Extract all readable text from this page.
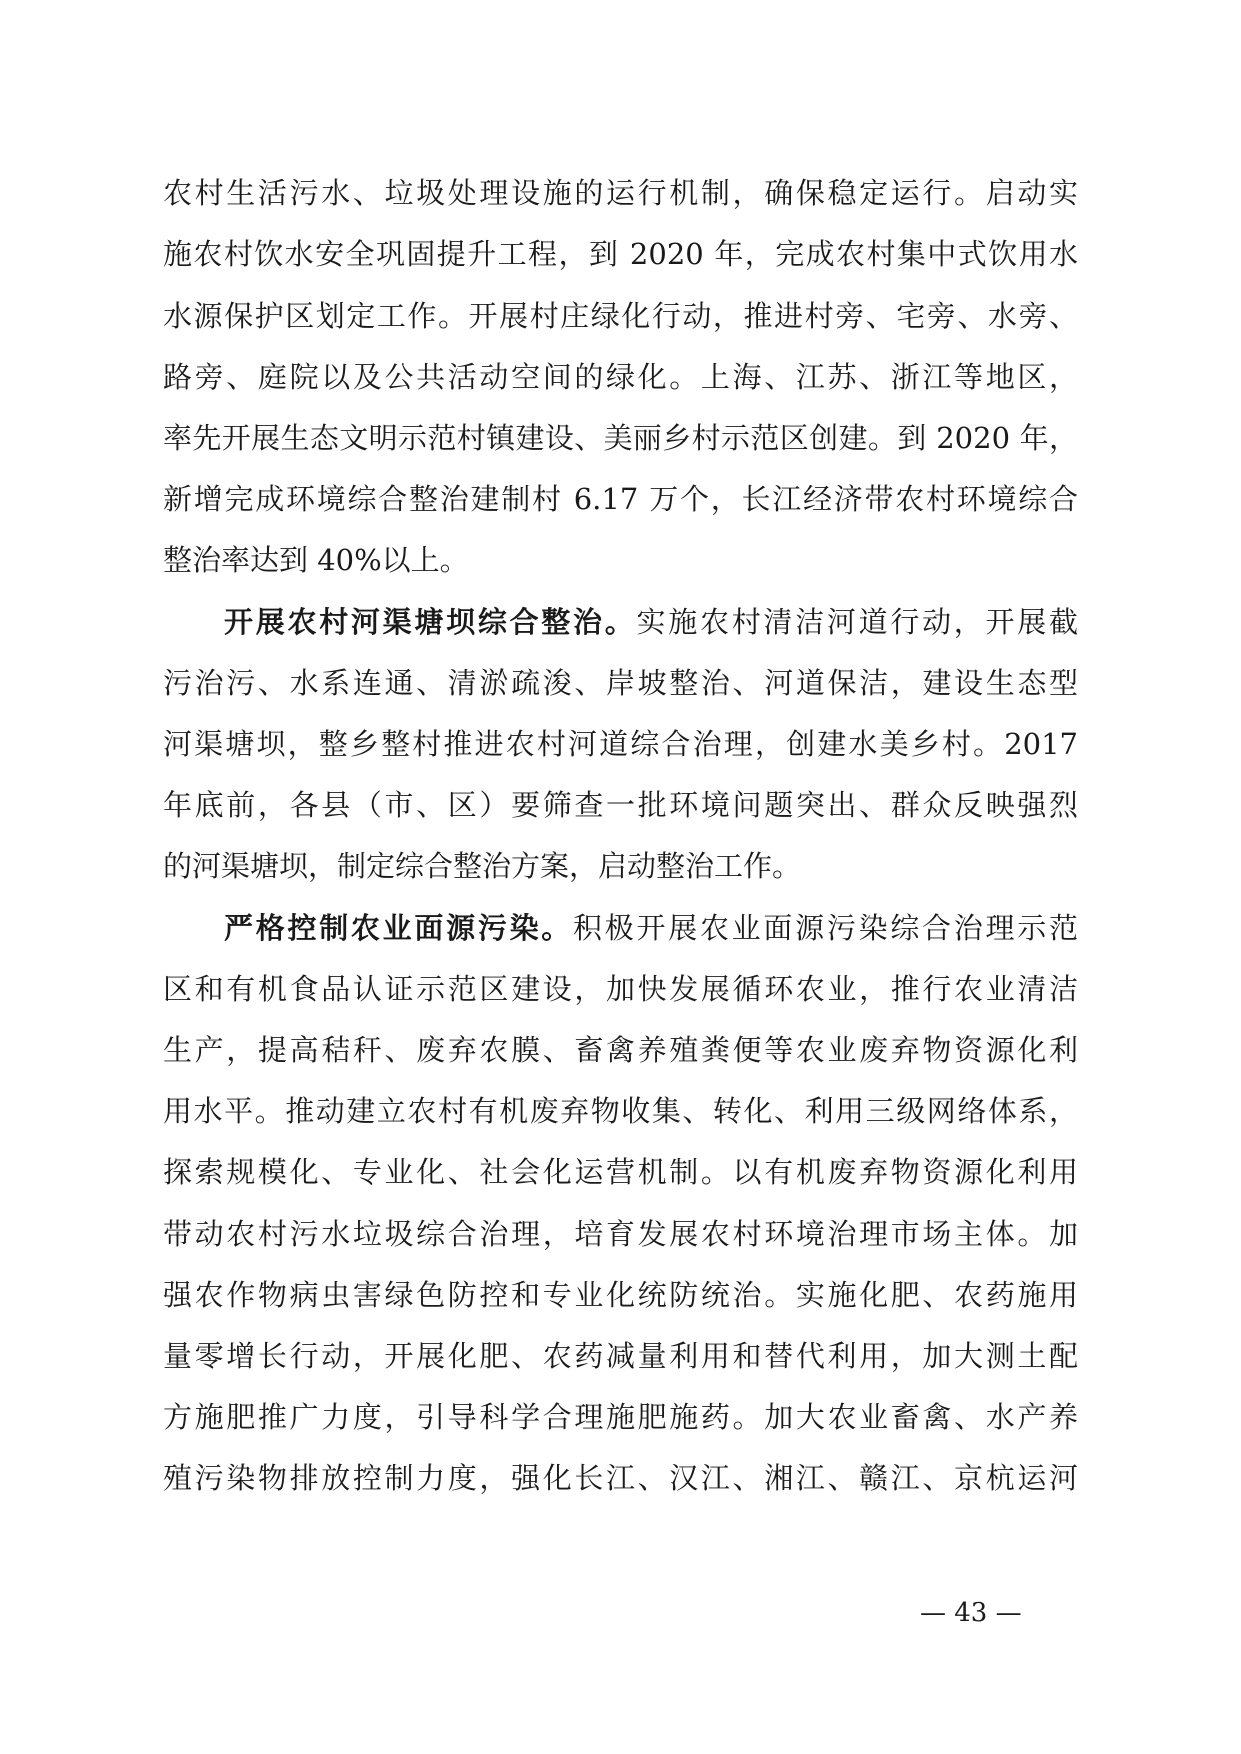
农村生活污水、垃圾处理设施的运行机制，确保稳定运行。启动实
施农村饮水安全巩固提升工程，到 2020 年，完成农村集中式饮用水
水源保护区划定工作。开展村庄绿化行动，推进村旁、宅旁、水旁、
路旁、庭院以及公共活动空间的绿化。上海、江苏、浙江等地区，
率先开展生态文明示范村镇建设、美丽乡村示范区创建。到 2020 年，
新增完成环境综合整治建制村 6.17 万个，长江经济带农村环境综合
整治率达到 40%以上。
开展农村河渠塘坝综合整治。实施农村清洁河道行动，开展截
污治污、水系连通、清淤疏浚、岸坡整治、河道保洁，建设生态型
河渠塘坝，整乡整村推进农村河道综合治理，创建水美乡村。2017
年底前，各县（市、区）要筛查一批环境问题突出、群众反映强烈
的河渠塘坝，制定综合整治方案，启动整治工作。
严格控制农业面源污染。积极开展农业面源污染综合治理示范
区和有机食品认证示范区建设，加快发展循环农业，推行农业清洁
生产，提高秸秆、废弃农膜、畜禽养殖粪便等农业废弃物资源化利
用水平。推动建立农村有机废弃物收集、转化、利用三级网络体系，
探索规模化、专业化、社会化运营机制。以有机废弃物资源化利用
带动农村污水垃圾综合治理，培育发展农村环境治理市场主体。加
强农作物病虫害绿色防控和专业化统防统治。实施化肥、农药施用
量零增长行动，开展化肥、农药减量利用和替代利用，加大测土配
方施肥推广力度，引导科学合理施肥施药。加大农业畜禽、水产养
殖污染物排放控制力度，强化长江、汉江、湘江、赣江、京杭运河
— 43 —
